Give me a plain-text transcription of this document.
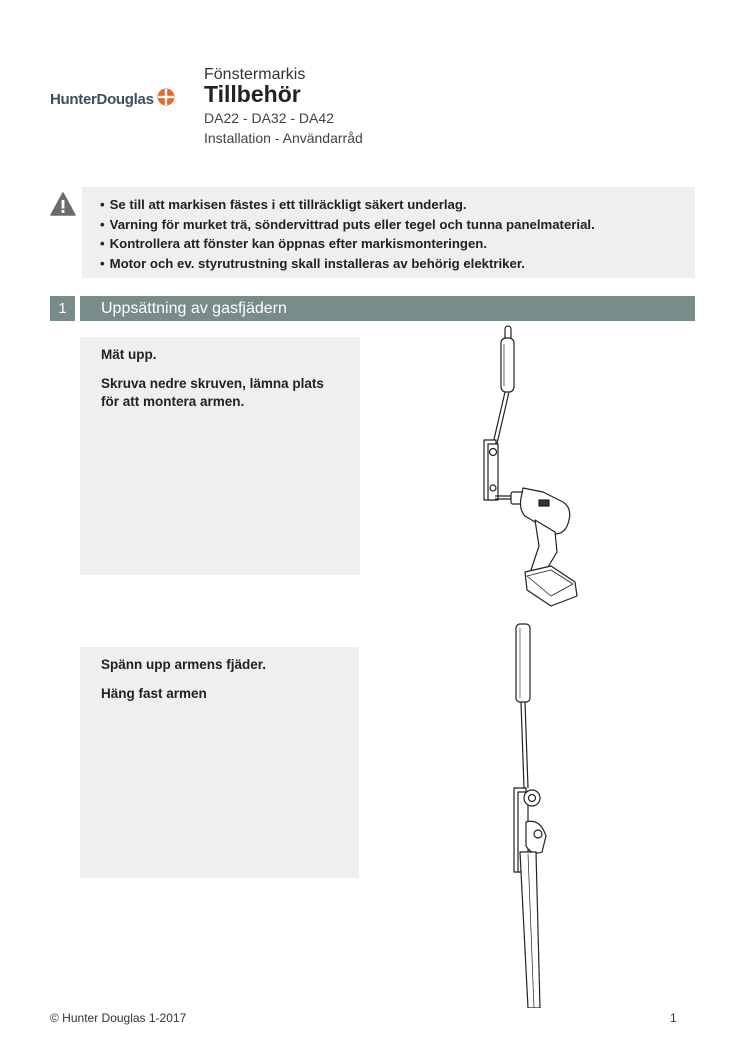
HunterDouglas
Fönstermarkis
Tillbehör
DA22 - DA32 - DA42
Installation - Användarråd
• Se till att markisen fästes i ett tillräckligt säkert underlag.
• Varning för murket trä, söndervittrad puts eller tegel och tunna panelmaterial.
• Kontrollera att fönster kan öppnas efter markismonteringen.
• Motor och ev. styrutrustning skall installeras av behörig elektriker.
1	Uppsättning av gasfjädern

Mät upp.

Skruva nedre skruven, lämna plats för att montera armen.

Spänn upp armens fjäder.

Häng fast armen

© Hunter Douglas 1-2017	1
